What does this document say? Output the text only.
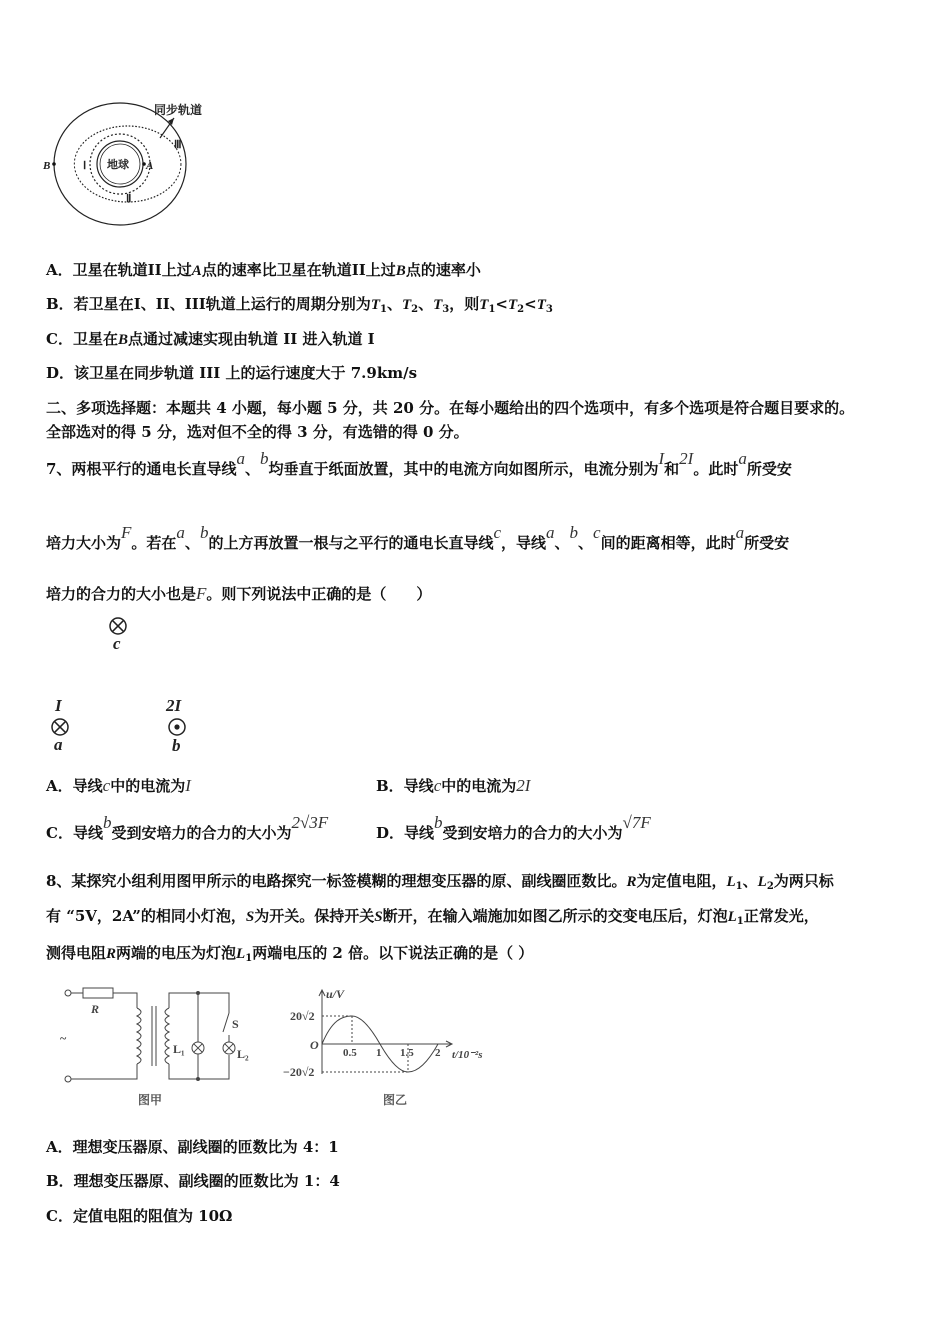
同步轨道
Ⅲ
Ⅰ
Ⅱ
地球 A
B
A．卫星在轨道II上过A点的速率比卫星在轨道II上过B点的速率小
B．若卫星在I、II、III轨道上运行的周期分别为$T_1$、$T_2$、$T_3$，则$T_1<T_2<T_3$
C．卫星在B点通过减速实现由轨道 II 进入轨道 I
D．该卫星在同步轨道 III 上的运行速度大于 7.9km/s
二、多项选择题：本题共 4 小题，每小题 5 分，共 20 分。在每小题给出的四个选项中，有多个选项是符合题目要求的。
全部选对的得 5 分，选对但不全的得 3 分，有选错的得 0 分。
7、两根平行的通电长直导线a、b均垂直于纸面放置，其中的电流方向如图所示，电流分别为I和2I。此时a所受安
培力大小为F。若在a、b的上方再放置一根与之平行的通电长直导线c，导线a、b、c间的距离相等，此时a所受安
培力的合力的大小也是F。则下列说法中正确的是（　　）
c
I
a
2I
b
A．导线c中的电流为I	B．导线c中的电流为2I
C．导线b受到安培力的合力的大小为2√3F
D．导线b受到安培力的合力的大小为√7F
8、某探究小组利用图甲所示的电路探究一标签模糊的理想变压器的原、副线圈匝数比。R为定值电阻，$L_1$、$L_2$为两只标
有 “5V，2A”的相同小灯泡，S为开关。保持开关S断开，在输入端施加如图乙所示的交变电压后，灯泡$L_1$正常发光，
测得电阻R两端的电压为灯泡$L_1$两端电压的 2 倍。以下说法正确的是（ ）
R
S
L₁	L₂
~
图甲
u/V
20√2
−20√2
O
0.5 1 1.5 2 t/10⁻²s
图乙
A．理想变压器原、副线圈的匝数比为 4：1
B．理想变压器原、副线圈的匝数比为 1：4
C．定值电阻的阻值为 10Ω
